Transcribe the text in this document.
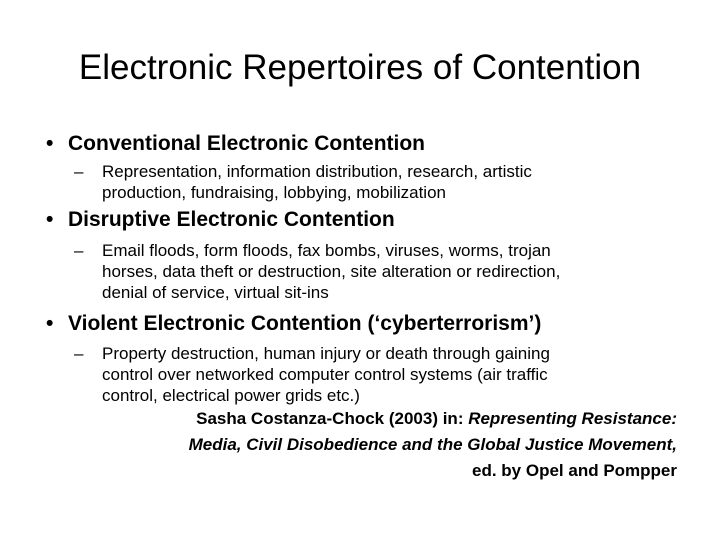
Electronic Repertoires of Contention
• Conventional Electronic Contention
– Representation, information distribution, research, artistic
production, fundraising, lobbying, mobilization
• Disruptive Electronic Contention
– Email floods, form floods, fax bombs, viruses, worms, trojan
horses, data theft or destruction, site alteration or redirection,
denial of service, virtual sit-ins
• Violent Electronic Contention (‘cyberterrorism’)
– Property destruction, human injury or death through gaining
control over networked computer control systems (air traffic
control, electrical power grids etc.)
Sasha Costanza-Chock (2003) in: Representing Resistance:
Media, Civil Disobedience and the Global Justice Movement,
ed. by Opel and Pompper
